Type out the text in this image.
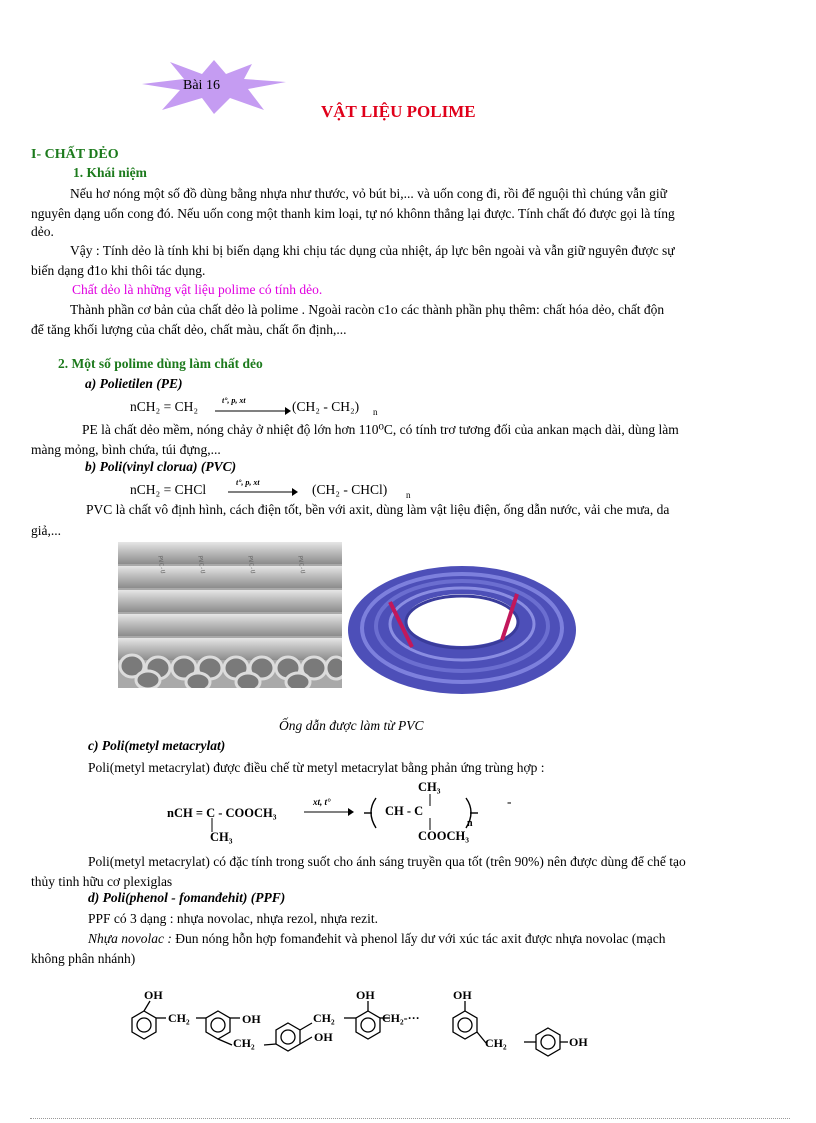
Bài 16
VẬT LIỆU POLIME
I- CHẤT DẺO
1. Khái niệm
Nếu hơ nóng một số đồ dùng bằng nhựa như thước, vỏ bút bi,... và uốn cong đi, rồi để nguội thì chúng vẫn giữ
nguyên dạng uốn cong đó. Nếu uốn cong một thanh kim loại, tự nó khônn thẳng lại được. Tính chất đó được gọi là tíng
dẻo.
Vậy : Tính dẻo là tính khi bị biến dạng khi chịu tác dụng của nhiệt, áp lực bên ngoài và vẫn giữ nguyên được sự
biến dạng đ1o khi thôi tác dụng.
Chất dẻo là những vật liệu polime có tính dẻo.
Thành phần cơ bản của chất dẻo là polime . Ngoài racòn c1o các thành phần phụ thêm: chất hóa dẻo, chất độn
để tăng khối lượng của chất dẻo, chất màu, chất ổn định,...
2. Một số polime dùng làm chất dẻo
a) Polietilen (PE)
nCH₂ = CH₂	t°, p, xt	(CH₂ - CH₂) n
PE là chất dẻo mềm, nóng chảy ở nhiệt độ lớn hơn 110⁰C, có tính trơ tương đối của ankan mạch dài, dùng làm
màng mỏng, bình chứa, túi đựng,...
b) Poli(vinyl clorua) (PVC)
nCH₂ = CHCl	t°, p, xt	(CH₂ - CHCl) n
PVC là chất vô định hình, cách điện tốt, bền với axit, dùng làm vật liệu điện, ống dẫn nước, vải che mưa, da
giả,...
PVC-U	PVC-U	PVC-U	PVC-U
Ống dẫn được làm từ PVC
c) Poli(metyl metacrylat)
Poli(metyl metacrylat) được điều chế từ metyl metacrylat bằng phản ứng trùng hợp :
nCH = C - COOCH₃
CH₃
xt, t°
CH₃
CH - C
n
COOCH₃
-
Poli(metyl metacrylat) có đặc tính trong suốt cho ánh sáng truyền qua tốt (trên 90%) nên được dùng để chế tạo
thủy tinh hữu cơ plexiglas
d) Poli(phenol - fomanđehit) (PPF)
PPF có 3 dạng : nhựa novolac, nhựa rezol, nhựa rezit.
Nhựa novolac : Đun nóng hỗn hợp fomanđehit và phenol lấy dư với xúc tác axit được nhựa novolac (mạch
không phân nhánh)
OH
CH₂	OH
CH₂
CH₂
OH
OH
CH₂-···
OH
CH₂	OH
